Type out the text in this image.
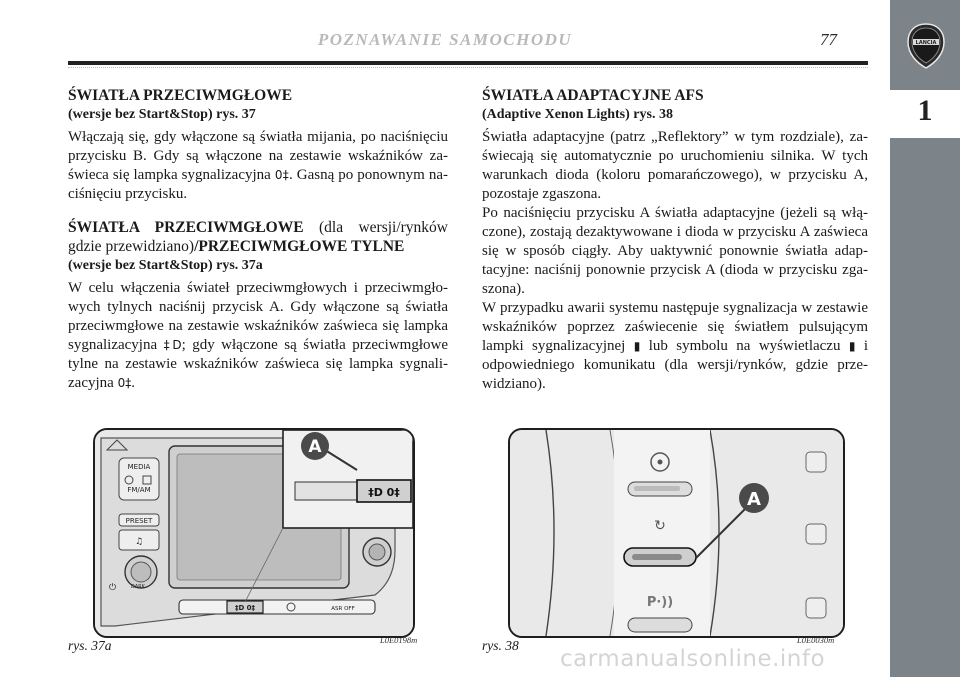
POZNAWANIE SAMOCHODU	77	LANCIA
1

ŚWIATŁA PRZECIWMGŁOWE

(wersje bez Start&Stop) rys. 37

Włączają się, gdy włączone są światła mijania, po naciśnięciu przycisku B. Gdy są włączone na zestawie wskaźników zaświeca się lampka sygnalizacyjna 0‡. Gasną po ponownym naciśnięciu przycisku.

ŚWIATŁA PRZECIWMGŁOWE (dla wersji/rynków gdzie przewidziano)/PRZECIWMGŁOWE TYLNE

(wersje bez Start&Stop) rys. 37a

W celu włączenia świateł przeciwmgłowych i przeciwmgłowych tylnych naciśnij przycisk A. Gdy włączone są światła przeciwmgłowe na zestawie wskaźników zaświeca się lampka sygnalizacyjna ‡D; gdy włączone są światła przeciwmgłowe tylne na zestawie wskaźników zaświeca się lampka sygnalizacyjna 0‡.

ŚWIATŁA ADAPTACYJNE AFS

(Adaptive Xenon Lights) rys. 38

Światła adaptacyjne (patrz „Reflektory” w tym rozdziale), zaświecają się automatycznie po uruchomieniu silnika. W tych warunkach dioda (koloru pomarańczowego), w przycisku A, pozostaje zgaszona.

Po naciśnięciu przycisku A światła adaptacyjne (jeżeli są włączone), zostają dezaktywowane i dioda w przycisku A zaświeca się w sposób ciągły. Aby uaktywnić ponownie światła adaptacyjne: naciśnij ponownie przycisk A (dioda w przycisku zgaszona).

W przypadku awarii systemu następuje sygnalizacja w zestawie wskaźników poprzez zaświecenie się światłem pulsującym lampki sygnalizacyjnej ▮ lub symbolu na wyświetlaczu ▮ i odpowiedniego komunikatu (dla wersji/rynków, gdzie przewidziano).

MEDIA
FM/AM
PRESET
♫
DARK
⏻
‡D 0‡	ASR OFF
‡D 0‡
A
rys. 37a	L0E0198m
↻
P·))
A
rys. 38	L0E0030m
carmanualsonline.info
